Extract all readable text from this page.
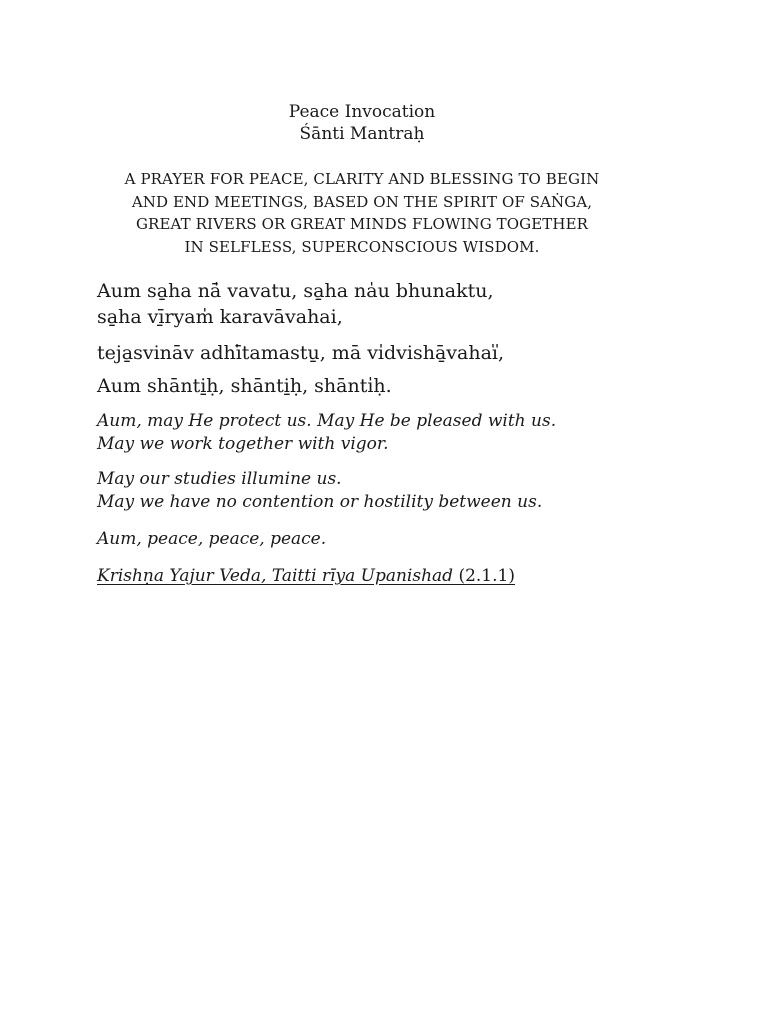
Peace Invocation
Śānti Mantraḥ
A PRAYER FOR PEACE, CLARITY AND BLESSING TO BEGIN
AND END MEETINGS, BASED ON THE SPIRIT OF SAṄGA,
GREAT RIVERS OR GREAT MINDS FLOWING TOGETHER
IN SELFLESS, SUPERCONSCIOUS WISDOM.
Aum sa̱ha nā̍ vavatu, sa̱ha na̍u bhunaktu,
sa̱ha vī̱ryam̍ karavāvahai,
teja̱svināv adhī̍tamastu̱, mā vi̍dvishā̱vahai̎,
Aum shānti̱ḥ, shānti̱ḥ, shānti̍ḥ.
Aum, may He protect us. May He be pleased with us.
May we work together with vigor.
May our studies illumine us.
May we have no contention or hostility between us.
Aum, peace, peace, peace.
Krishṇa Yajur Veda, Taitti rīya Upanishad (2.1.1)
